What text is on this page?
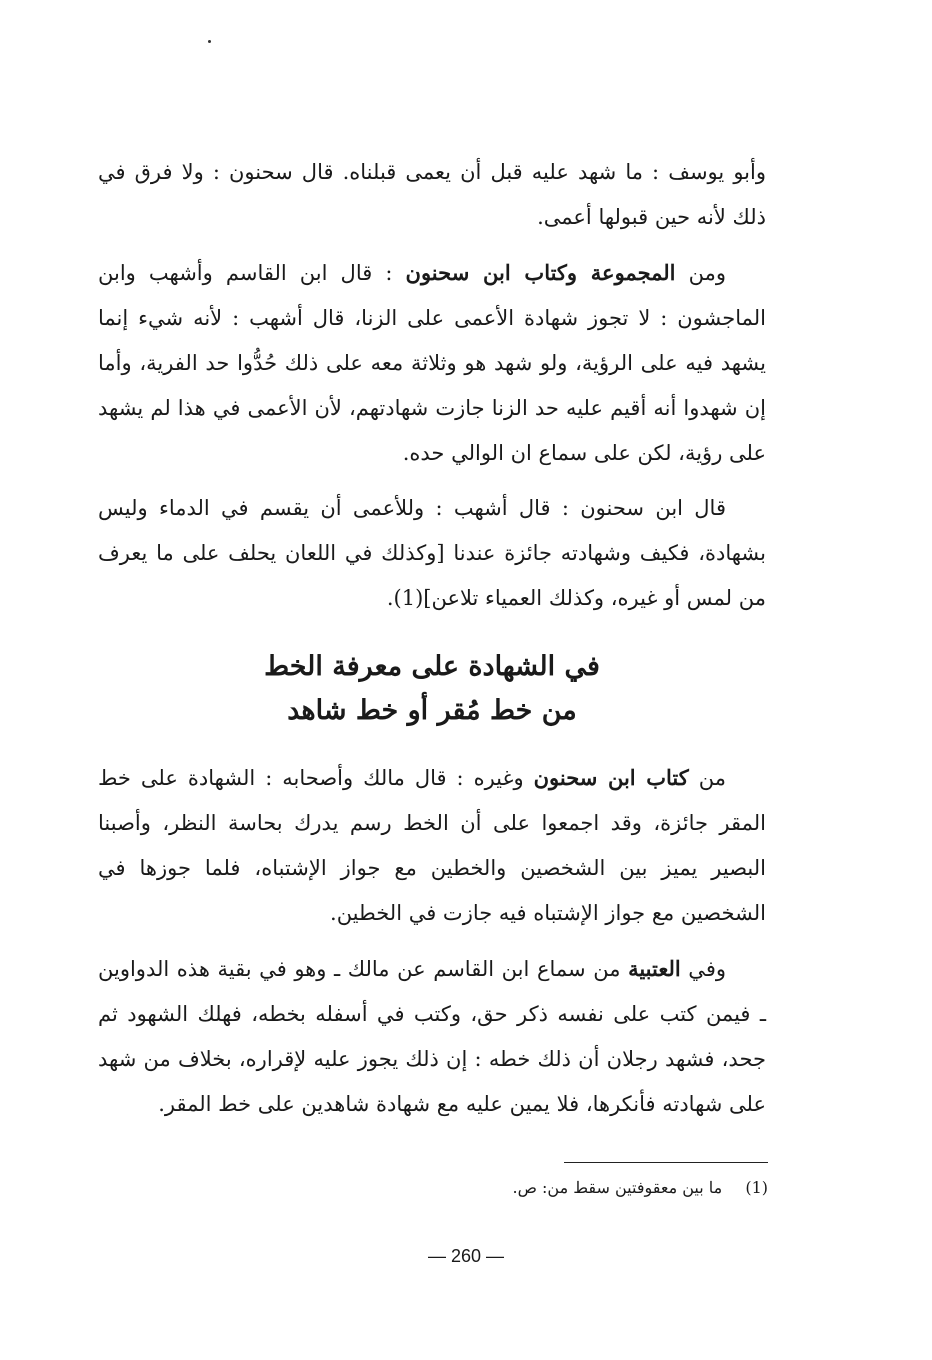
وأبو يوسف : ما شهد عليه قبل أن يعمى قبلناه. قال سحنون : ولا فرق في ذلك لأنه حين قبولها أعمى.

ومن المجموعة وكتاب ابن سحنون : قال ابن القاسم وأشهب وابن الماجشون : لا تجوز شهادة الأعمى على الزنا، قال أشهب : لأنه شيء إنما يشهد فيه على الرؤية، ولو شهد هو وثلاثة معه على ذلك حُدُّوا حد الفرية، وأما إن شهدوا أنه أقيم عليه حد الزنا جازت شهادتهم، لأن الأعمى في هذا لم يشهد على رؤية، لكن على سماع ان الوالي حده.

قال ابن سحنون : قال أشهب : وللأعمى أن يقسم في الدماء وليس بشهادة، فكيف وشهادته جائزة عندنا [وكذلك في اللعان يحلف على ما يعرف من لمس أو غيره، وكذلك العمياء تلاعن](1).

في الشهادة على معرفة الخط
من خط مُقر أو خط شاهد

من كتاب ابن سحنون وغيره : قال مالك وأصحابه : الشهادة على خط المقر جائزة، وقد اجمعوا على أن الخط رسم يدرك بحاسة النظر، وأصبنا البصير يميز بين الشخصين والخطين مع جواز الإشتباه، فلما جوزها في الشخصين مع جواز الإشتباه فيه جازت في الخطين.

وفي العتبية من سماع ابن القاسم عن مالك ـ وهو في بقية هذه الدواوين ـ فيمن كتب على نفسه ذكر حق، وكتب في أسفله بخطه، فهلك الشهود ثم جحد، فشهد رجلان أن ذلك خطه : إن ذلك يجوز عليه لإقراره، بخلاف من شهد على شهادته فأنكرها، فلا يمين عليه مع شهادة شاهدين على خط المقر.

(1) ما بين معقوفتين سقط من: ص.
— 260 —
